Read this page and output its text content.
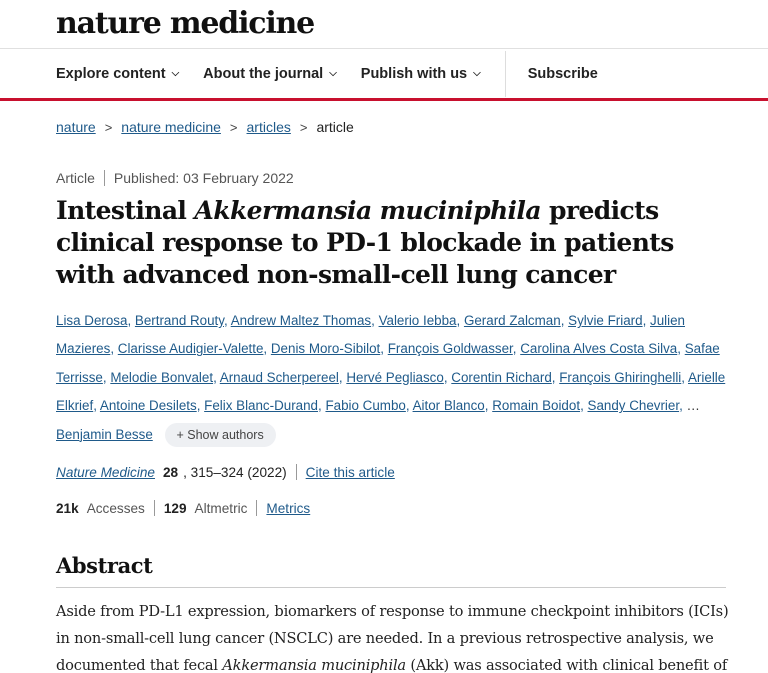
nature medicine
Explore content ⌵ About the journal ⌵ Publish with us ⌵	Subscribe
nature > nature medicine > articles > article
Article Published: 03 February 2022
Intestinal Akkermansia muciniphila predicts clinical response to PD-1 blockade in patients with advanced non-small-cell lung cancer
Lisa Derosa, Bertrand Routy, Andrew Maltez Thomas, Valerio Iebba, Gerard Zalcman, Sylvie Friard, Julien Mazieres, Clarisse Audigier-Valette, Denis Moro-Sibilot, François Goldwasser, Carolina Alves Costa Silva, Safae Terrisse, Melodie Bonvalet, Arnaud Scherpereel, Hervé Pegliasco, Corentin Richard, François Ghiringhelli, Arielle Elkrief, Antoine Desilets, Felix Blanc-Durand, Fabio Cumbo, Aitor Blanco, Romain Boidot, Sandy Chevrier, … Benjamin Besse + Show authors
Nature Medicine 28 , 315–324 (2022) Cite this article
21k Accesses 129 Altmetric Metrics
Abstract
Aside from PD-L1 expression, biomarkers of response to immune checkpoint inhibitors (ICIs)
in non-small-cell lung cancer (NSCLC) are needed. In a previous retrospective analysis, we
documented that fecal Akkermansia muciniphila (Akk) was associated with clinical benefit of
